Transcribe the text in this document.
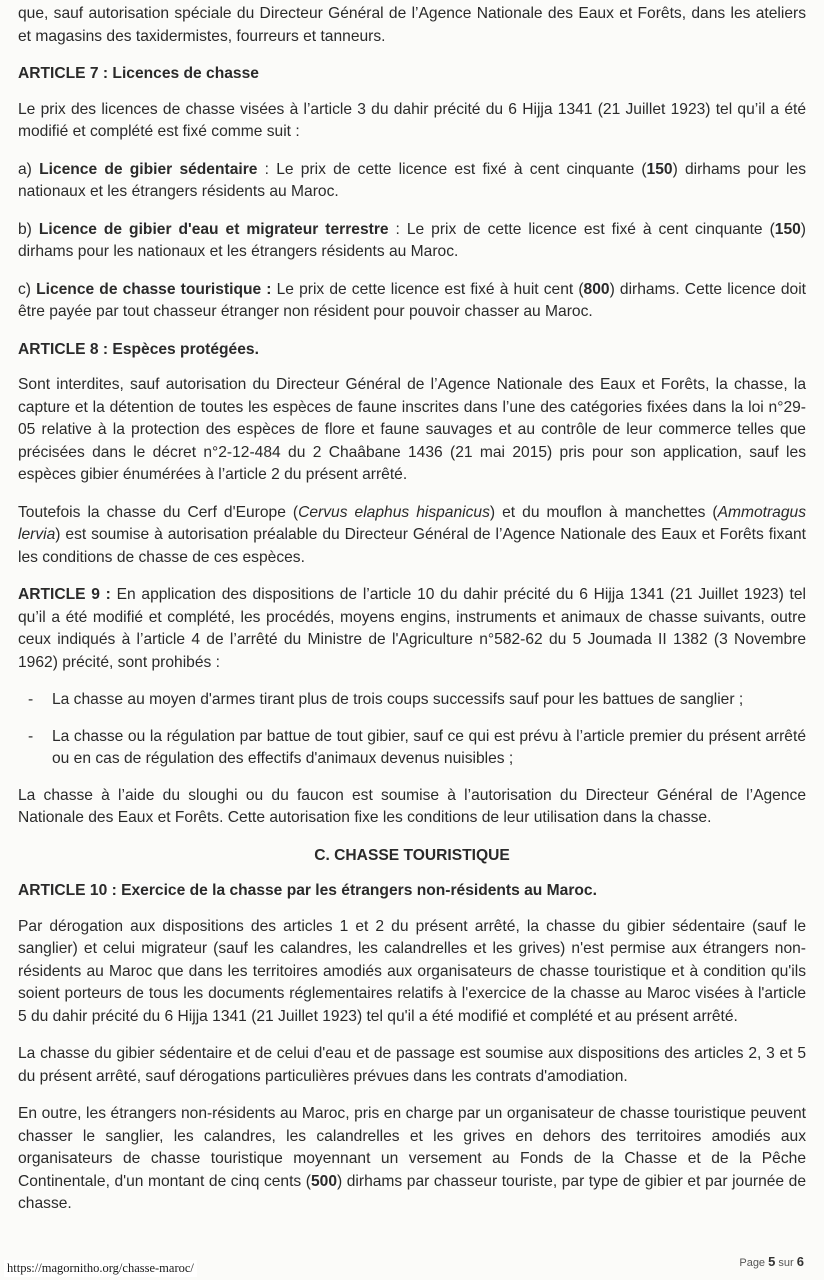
que, sauf autorisation spéciale du Directeur Général de l’Agence Nationale des Eaux et Forêts, dans les ateliers et magasins des taxidermistes, fourreurs et tanneurs.

ARTICLE 7 : Licences de chasse

Le prix des licences de chasse visées à l’article 3 du dahir précité du 6 Hijja 1341 (21 Juillet 1923) tel qu’il a été modifié et complété est fixé comme suit :

a) Licence de gibier sédentaire : Le prix de cette licence est fixé à cent cinquante (150) dirhams pour les nationaux et les étrangers résidents au Maroc.

b) Licence de gibier d'eau et migrateur terrestre : Le prix de cette licence est fixé à cent cinquante (150) dirhams pour les nationaux et les étrangers résidents au Maroc.

c) Licence de chasse touristique : Le prix de cette licence est fixé à huit cent (800) dirhams. Cette licence doit être payée par tout chasseur étranger non résident pour pouvoir chasser au Maroc.

ARTICLE 8 : Espèces protégées.

Sont interdites, sauf autorisation du Directeur Général de l’Agence Nationale des Eaux et Forêts, la chasse, la capture et la détention de toutes les espèces de faune inscrites dans l’une des catégories fixées dans la loi n°29-05 relative à la protection des espèces de flore et faune sauvages et au contrôle de leur commerce telles que précisées dans le décret n°2-12-484 du 2 Chaâbane 1436 (21 mai 2015) pris pour son application, sauf les espèces gibier énumérées à l’article 2 du présent arrêté.

Toutefois la chasse du Cerf d'Europe (Cervus elaphus hispanicus) et du mouflon à manchettes (Ammotragus lervia) est soumise à autorisation préalable du Directeur Général de l’Agence Nationale des Eaux et Forêts fixant les conditions de chasse de ces espèces.

ARTICLE 9 : En application des dispositions de l’article 10 du dahir précité du 6 Hijja 1341 (21 Juillet 1923) tel qu’il a été modifié et complété, les procédés, moyens engins, instruments et animaux de chasse suivants, outre ceux indiqués à l’article 4 de l’arrêté du Ministre de l'Agriculture n°582-62 du 5 Joumada II 1382 (3 Novembre 1962) précité, sont prohibés :

- La chasse au moyen d'armes tirant plus de trois coups successifs sauf pour les battues de sanglier ;

- La chasse ou la régulation par battue de tout gibier, sauf ce qui est prévu à l’article premier du présent arrêté ou en cas de régulation des effectifs d'animaux devenus nuisibles ;

La chasse à l’aide du sloughi ou du faucon est soumise à l’autorisation du Directeur Général de l’Agence Nationale des Eaux et Forêts. Cette autorisation fixe les conditions de leur utilisation dans la chasse.

C. CHASSE TOURISTIQUE

ARTICLE 10 : Exercice de la chasse par les étrangers non-résidents au Maroc.

Par dérogation aux dispositions des articles 1 et 2 du présent arrêté, la chasse du gibier sédentaire (sauf le sanglier) et celui migrateur (sauf les calandres, les calandrelles et les grives) n'est permise aux étrangers non-résidents au Maroc que dans les territoires amodiés aux organisateurs de chasse touristique et à condition qu'ils soient porteurs de tous les documents réglementaires relatifs à l'exercice de la chasse au Maroc visées à l'article 5 du dahir précité du 6 Hijja 1341 (21 Juillet 1923) tel qu'il a été modifié et complété et au présent arrêté.

La chasse du gibier sédentaire et de celui d'eau et de passage est soumise aux dispositions des articles 2, 3 et 5 du présent arrêté, sauf dérogations particulières prévues dans les contrats d'amodiation.

En outre, les étrangers non-résidents au Maroc, pris en charge par un organisateur de chasse touristique peuvent chasser le sanglier, les calandres, les calandrelles et les grives en dehors des territoires amodiés aux organisateurs de chasse touristique moyennant un versement au Fonds de la Chasse et de la Pêche Continentale, d'un montant de cinq cents (500) dirhams par chasseur touriste, par type de gibier et par journée de chasse.

https://magornitho.org/chasse-maroc/	Page 5 sur 6
